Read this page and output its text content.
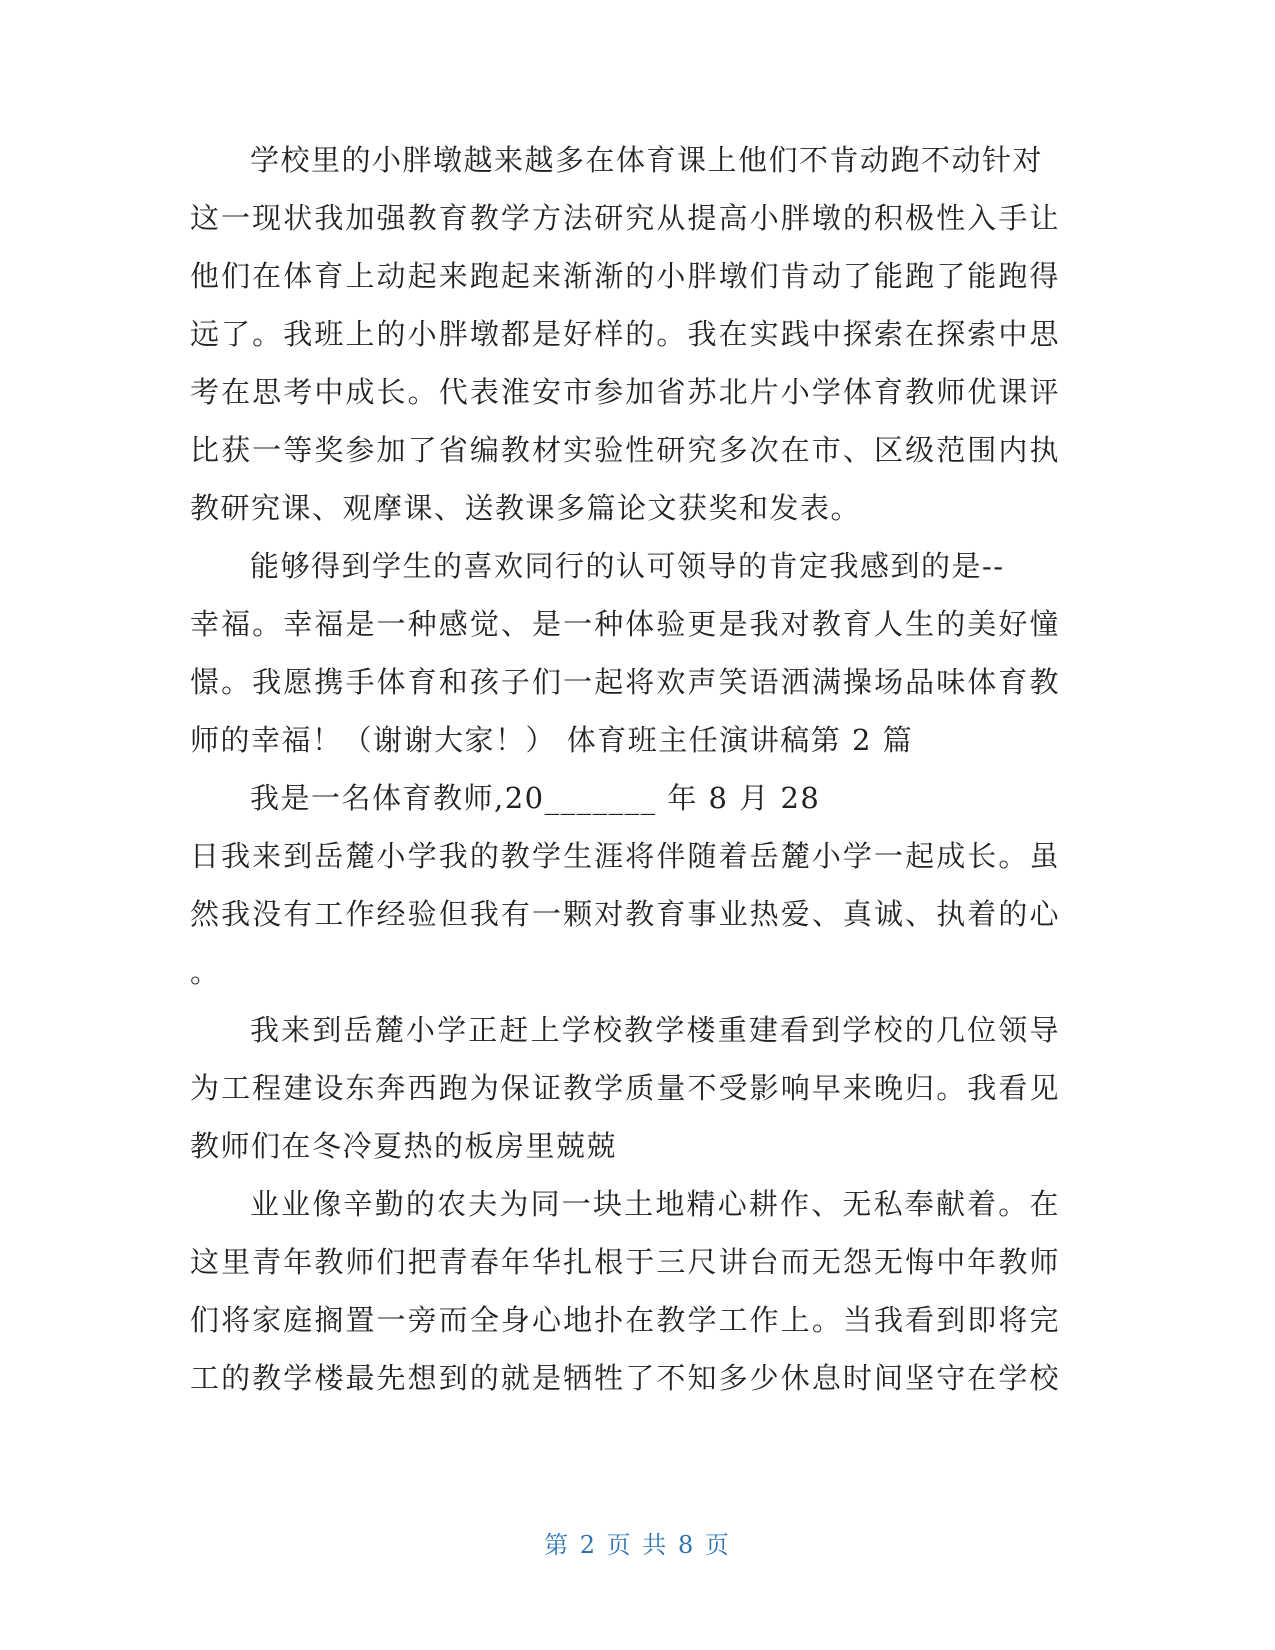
学校里的小胖墩越来越多在体育课上他们不肯动跑不动针对
这一现状我加强教育教学方法研究从提高小胖墩的积极性入手让
他们在体育上动起来跑起来渐渐的小胖墩们肯动了能跑了能跑得
远了。我班上的小胖墩都是好样的。我在实践中探索在探索中思
考在思考中成长。代表淮安市参加省苏北片小学体育教师优课评
比获一等奖参加了省编教材实验性研究多次在市、区级范围内执
教研究课、观摩课、送教课多篇论文获奖和发表。
能够得到学生的喜欢同行的认可领导的肯定我感到的是--
幸福。幸福是一种感觉、是一种体验更是我对教育人生的美好憧
憬。我愿携手体育和孩子们一起将欢声笑语洒满操场品味体育教
师的幸福！（谢谢大家！） 体育班主任演讲稿第 2 篇
我是一名体育教师,20_______ 年 8 月 28
日我来到岳麓小学我的教学生涯将伴随着岳麓小学一起成长。虽
然我没有工作经验但我有一颗对教育事业热爱、真诚、执着的心
。
我来到岳麓小学正赶上学校教学楼重建看到学校的几位领导
为工程建设东奔西跑为保证教学质量不受影响早来晚归。我看见
教师们在冬冷夏热的板房里兢兢
业业像辛勤的农夫为同一块土地精心耕作、无私奉献着。在
这里青年教师们把青春年华扎根于三尺讲台而无怨无悔中年教师
们将家庭搁置一旁而全身心地扑在教学工作上。当我看到即将完
工的教学楼最先想到的就是牺牲了不知多少休息时间坚守在学校
第 2 页 共 8 页
